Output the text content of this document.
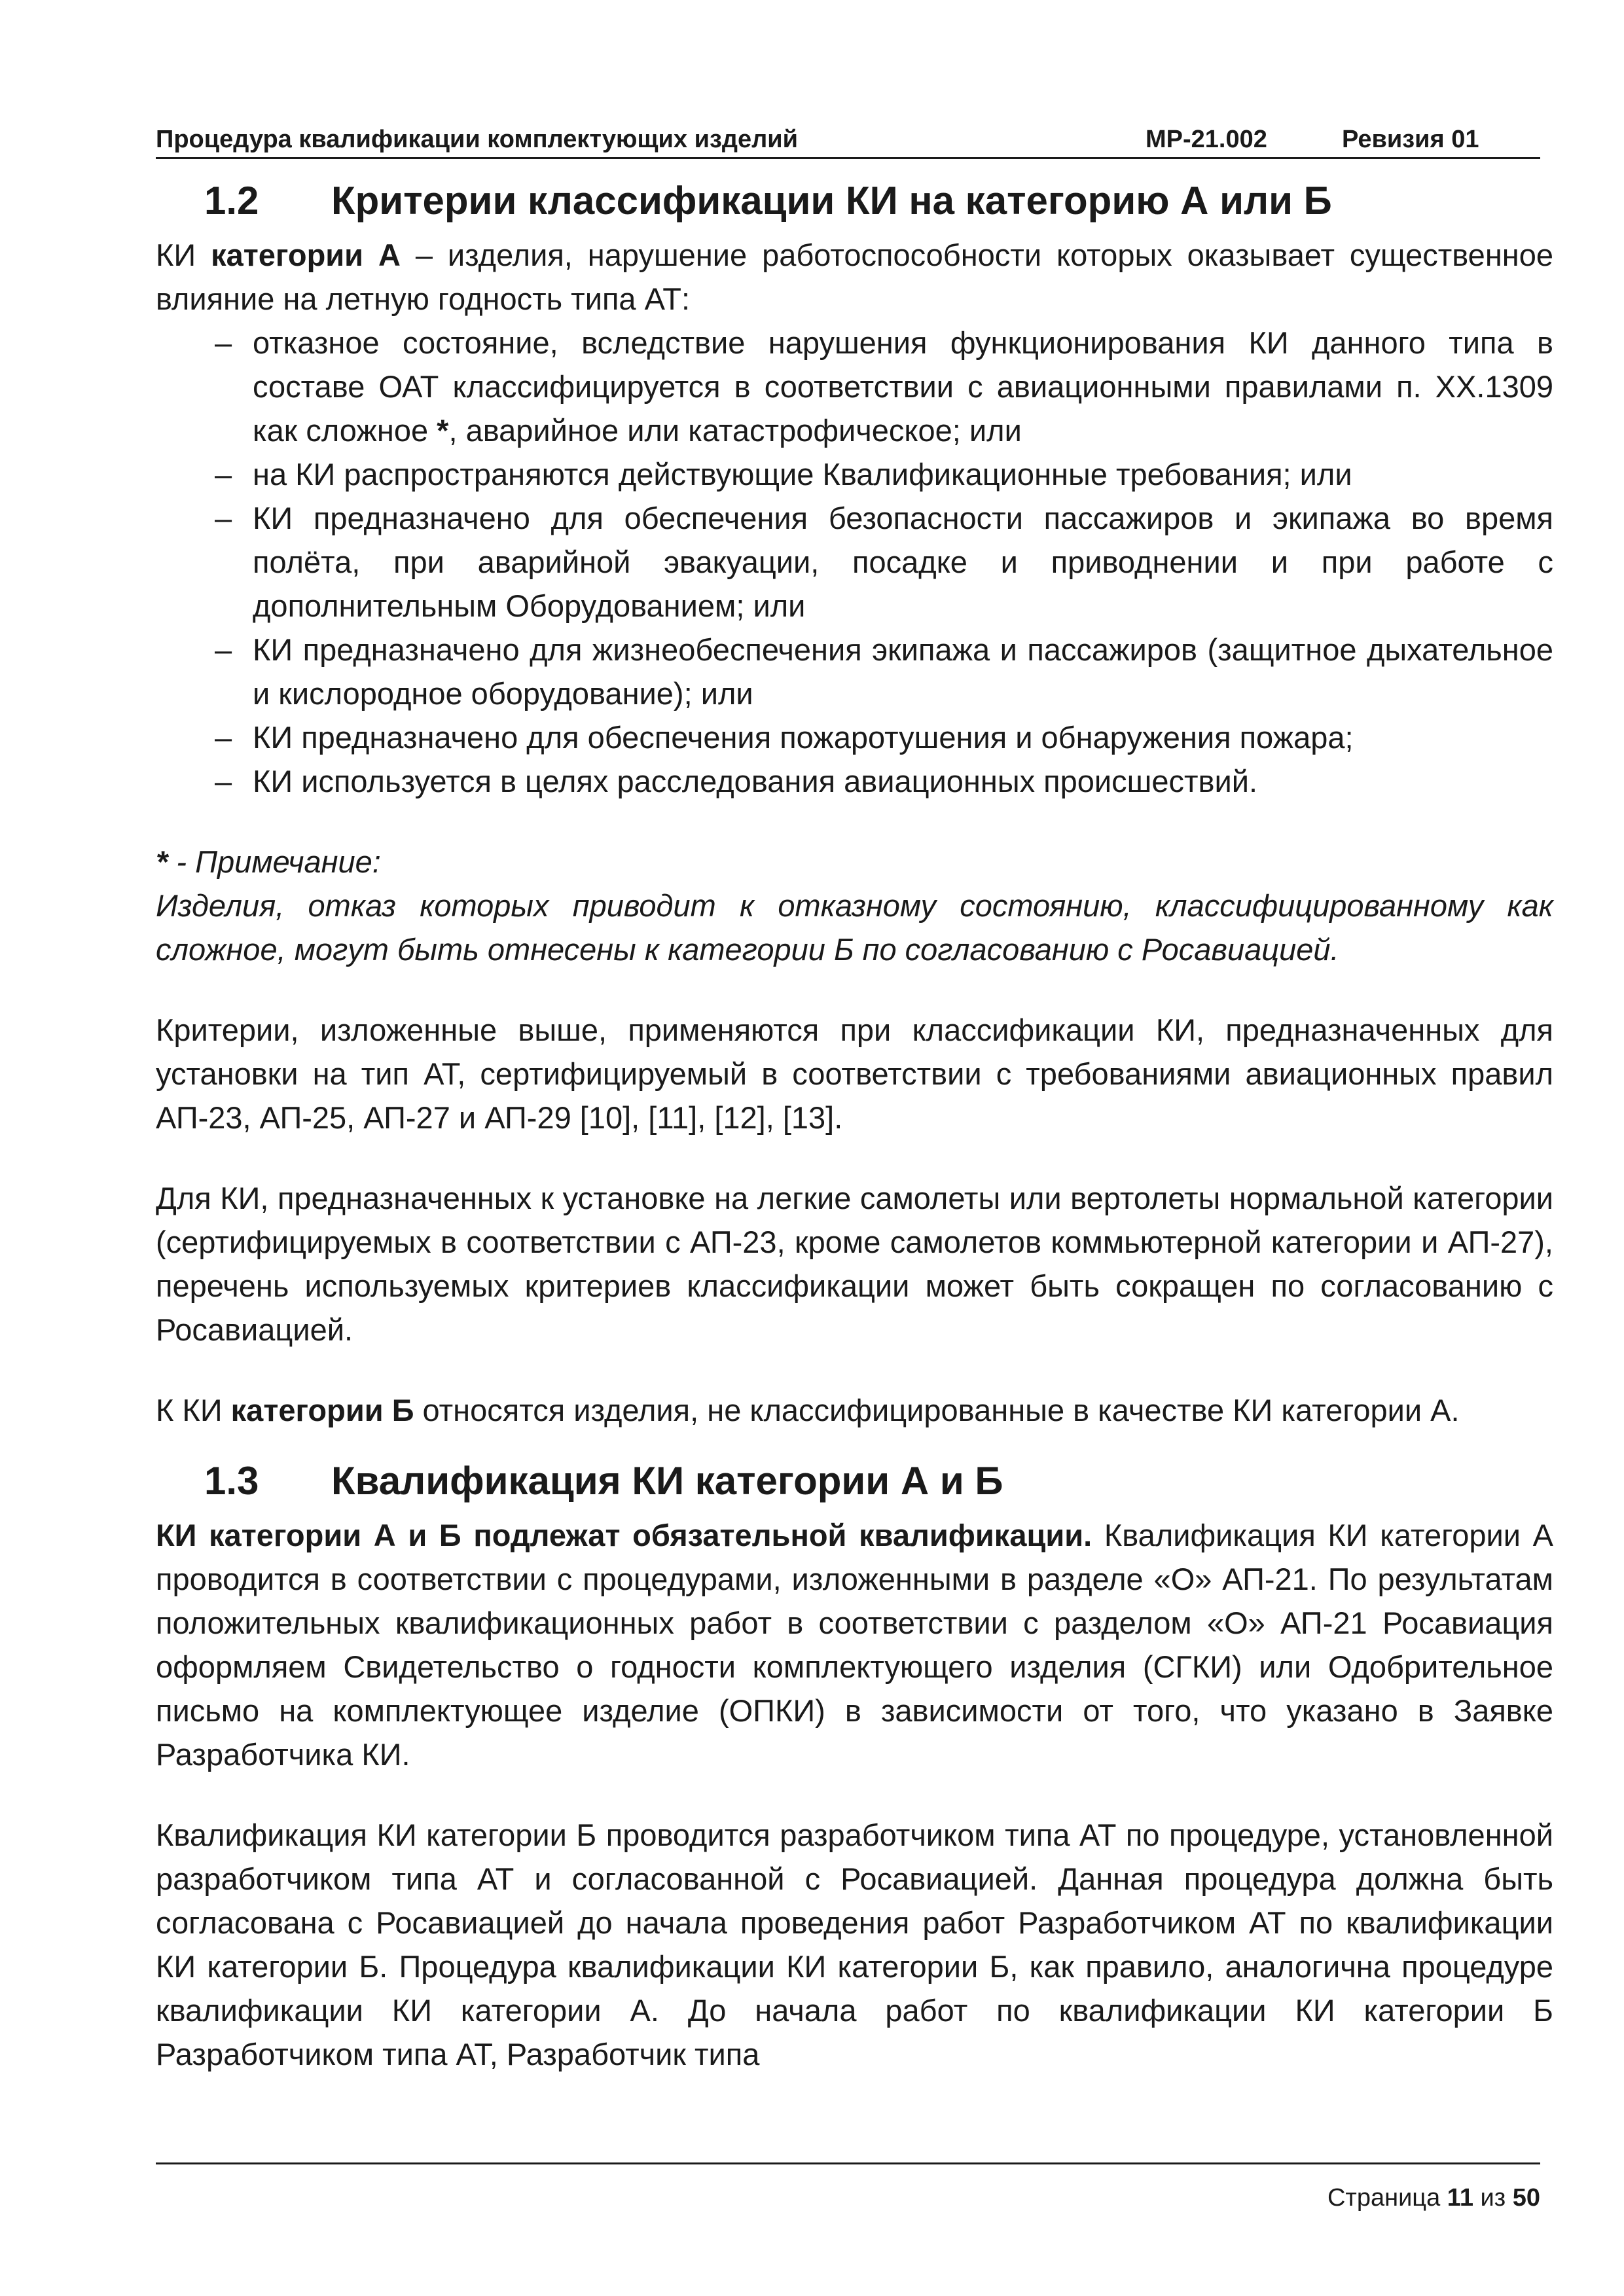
Процедура квалификации комплектующих изделий	МР-21.002	Ревизия 01
1.2 Критерии классификации КИ на категорию А или Б

КИ категории А – изделия, нарушение работоспособности которых оказывает существенное влияние на летную годность типа АТ:

– отказное состояние, вследствие нарушения функционирования КИ данного типа в составе ОАТ классифицируется в соответствии с авиационными правилами п. ХХ.1309 как сложное *, аварийное или катастрофическое; или
– на КИ распространяются действующие Квалификационные требования; или
– КИ предназначено для обеспечения безопасности пассажиров и экипажа во время полёта, при аварийной эвакуации, посадке и приводнении и при работе с дополнительным Оборудованием; или
– КИ предназначено для жизнеобеспечения экипажа и пассажиров (защитное дыхательное и кислородное оборудование); или
– КИ предназначено для обеспечения пожаротушения и обнаружения пожара;
– КИ используется в целях расследования авиационных происшествий.

* - Примечание:

Изделия, отказ которых приводит к отказному состоянию, классифицированному как сложное, могут быть отнесены к категории Б по согласованию с Росавиацией.

Критерии, изложенные выше, применяются при классификации КИ, предназначенных для установки на тип АТ, сертифицируемый в соответствии с требованиями авиационных правил АП-23, АП-25, АП-27 и АП-29 [10], [11], [12], [13].

Для КИ, предназначенных к установке на легкие самолеты или вертолеты нормальной категории (сертифицируемых в соответствии с АП-23, кроме самолетов коммьютерной категории и АП-27), перечень используемых критериев классификации может быть сокращен по согласованию с Росавиацией.

К КИ категории Б относятся изделия, не классифицированные в качестве КИ категории А.

1.3 Квалификация КИ категории А и Б

КИ категории А и Б подлежат обязательной квалификации. Квалификация КИ категории А проводится в соответствии с процедурами, изложенными в разделе «О» АП-21. По результатам положительных квалификационных работ в соответствии с разделом «О» АП-21 Росавиация оформляем Свидетельство о годности комплектующего изделия (СГКИ) или Одобрительное письмо на комплектующее изделие (ОПКИ) в зависимости от того, что указано в Заявке Разработчика КИ.

Квалификация КИ категории Б проводится разработчиком типа АТ по процедуре, установленной разработчиком типа АТ и согласованной с Росавиацией. Данная процедура должна быть согласована с Росавиацией до начала проведения работ Разработчиком АТ по квалификации КИ категории Б. Процедура квалификации КИ категории Б, как правило, аналогична процедуре квалификации КИ категории А. До начала работ по квалификации КИ категории Б Разработчиком типа АТ, Разработчик типа

Страница 11 из 50
